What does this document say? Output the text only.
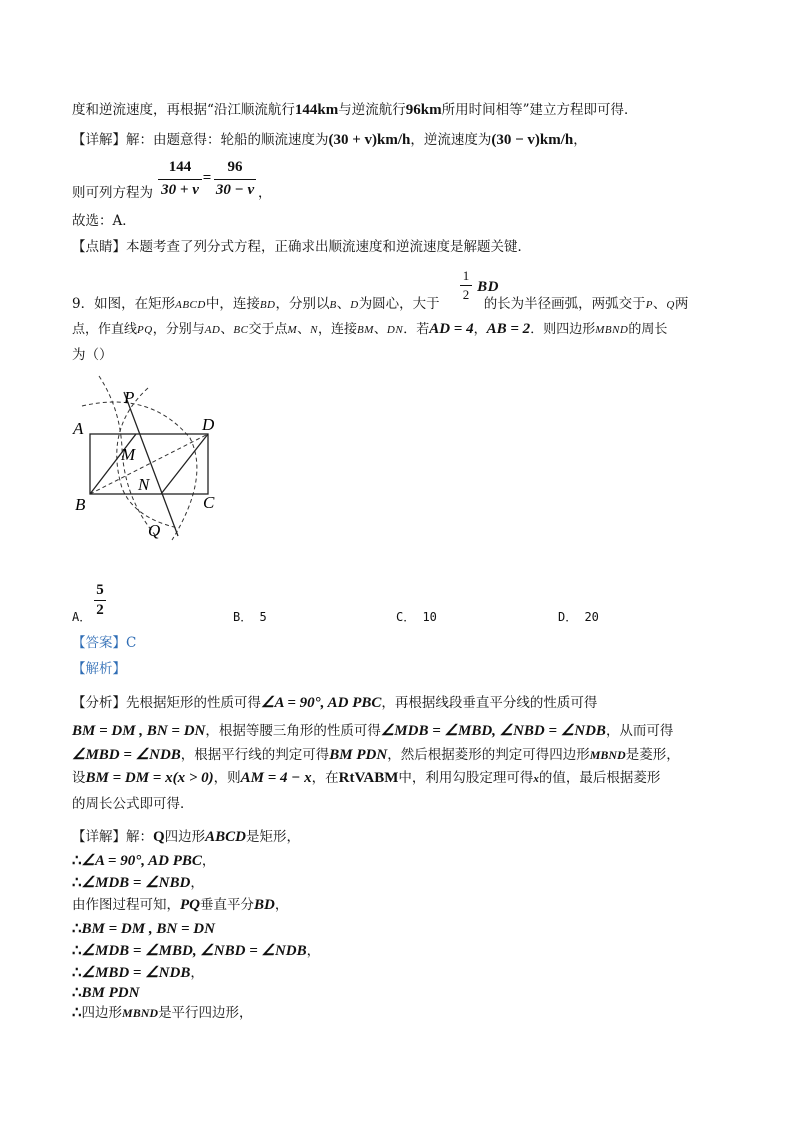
度和逆流速度，再根据“沿江顺流航行144km与逆流航行96km所用时间相等”建立方程即可得．
【详解】解：由题意得：轮船的顺流速度为(30 + v)km/h，逆流速度为(30 − v)km/h，
则可列方程为
144
30 + v
=
96
30 − v ，
故选：A．
【点睛】本题考查了列分式方程，正确求出顺流速度和逆流速度是解题关键．
1
2 BD
9．如图，在矩形ABCD中，连接BD，分别以B、D为圆心，大于	的长为半径画弧，两弧交于P、Q两
点，作直线PQ，分别与AD、BC交于点M、N，连接BM、DN．若AD = 4，AB = 2．则四边形MBND的周长
为（）
P
A	D
M
N
B	C
Q
A．
5
2	B． 5	C． 10	D． 20
【答案】C
【解析】
【分析】先根据矩形的性质可得∠A = 90°, AD PBC，再根据线段垂直平分线的性质可得
BM = DM , BN = DN，根据等腰三角形的性质可得∠MDB = ∠MBD, ∠NBD = ∠NDB，从而可得
∠MBD = ∠NDB，根据平行线的判定可得BM PDN，然后根据菱形的判定可得四边形MBND是菱形，
设BM = DM = x(x > 0)，则AM = 4 − x，在RtVABM中，利用勾股定理可得x的值，最后根据菱形
的周长公式即可得．
【详解】解：Q四边形ABCD是矩形，
∴∠A = 90°, AD PBC，
∴∠MDB = ∠NBD，
由作图过程可知，PQ垂直平分BD，
∴BM = DM , BN = DN
∴∠MDB = ∠MBD, ∠NBD = ∠NDB，
∴∠MBD = ∠NDB，
∴BM PDN
∴四边形MBND是平行四边形，
